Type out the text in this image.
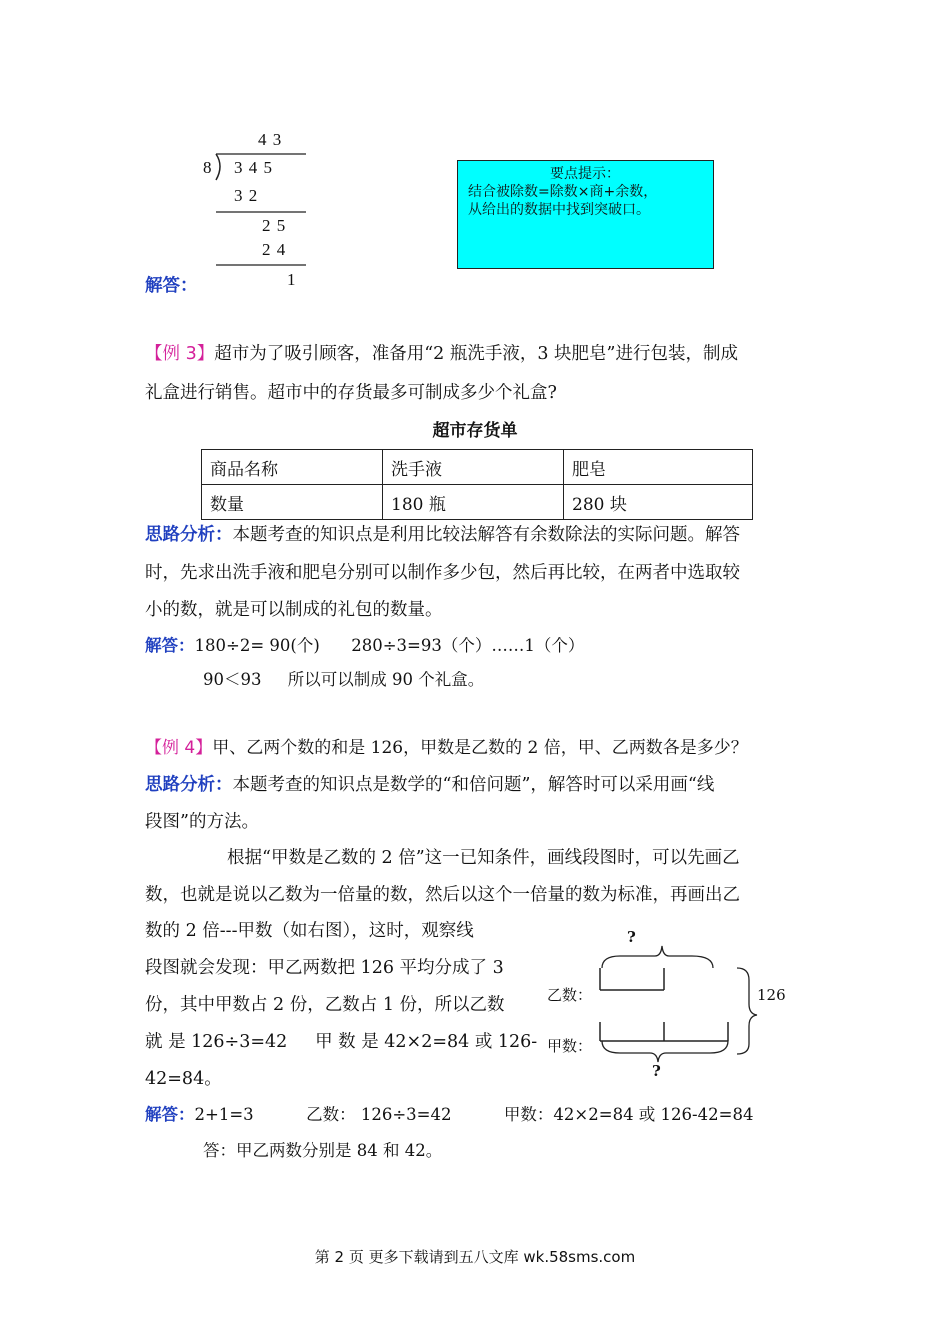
4 3
8 3 4 5
3 2
2 5
2 4
1
解答：
要点提示：
结合被除数=除数×商+余数，
从给出的数据中找到突破口。
【例 3】超市为了吸引顾客，准备用“2 瓶洗手液，3 块肥皂”进行包装，制成
礼盒进行销售。超市中的存货最多可制成多少个礼盒?
超市存货单
商品名称	洗手液	肥皂
数量	180 瓶	280 块
思路分析：本题考查的知识点是利用比较法解答有余数除法的实际问题。解答
时，先求出洗手液和肥皂分别可以制作多少包，然后再比较，在两者中选取较
小的数，就是可以制成的礼包的数量。
解答：180÷2= 90(个)      280÷3=93（个）……1（个）
90＜93     所以可以制成 90 个礼盒。
【例 4】甲、乙两个数的和是 126，甲数是乙数的 2 倍，甲、乙两数各是多少？
思路分析：本题考查的知识点是数学的“和倍问题”，解答时可以采用画“线
段图”的方法。
根据“甲数是乙数的 2 倍”这一已知条件，画线段图时，可以先画乙
数，也就是说以乙数为一倍量的数，然后以这个一倍量的数为标准，再画出乙
数的 2 倍---甲数（如右图），这时，观察线
段图就会发现：甲乙两数把 126 平均分成了 3
份，其中甲数占 2 份，乙数占 1 份，所以乙数
就 是 126÷3=42     甲 数 是 42×2=84 或 126-
42=84。
?
乙数：
甲数：
126
?
解答：2+1=3          乙数： 126÷3=42          甲数：42×2=84 或 126-42=84
答：甲乙两数分别是 84 和 42。
第 2 页 更多下载请到五八文库 wk.58sms.com
